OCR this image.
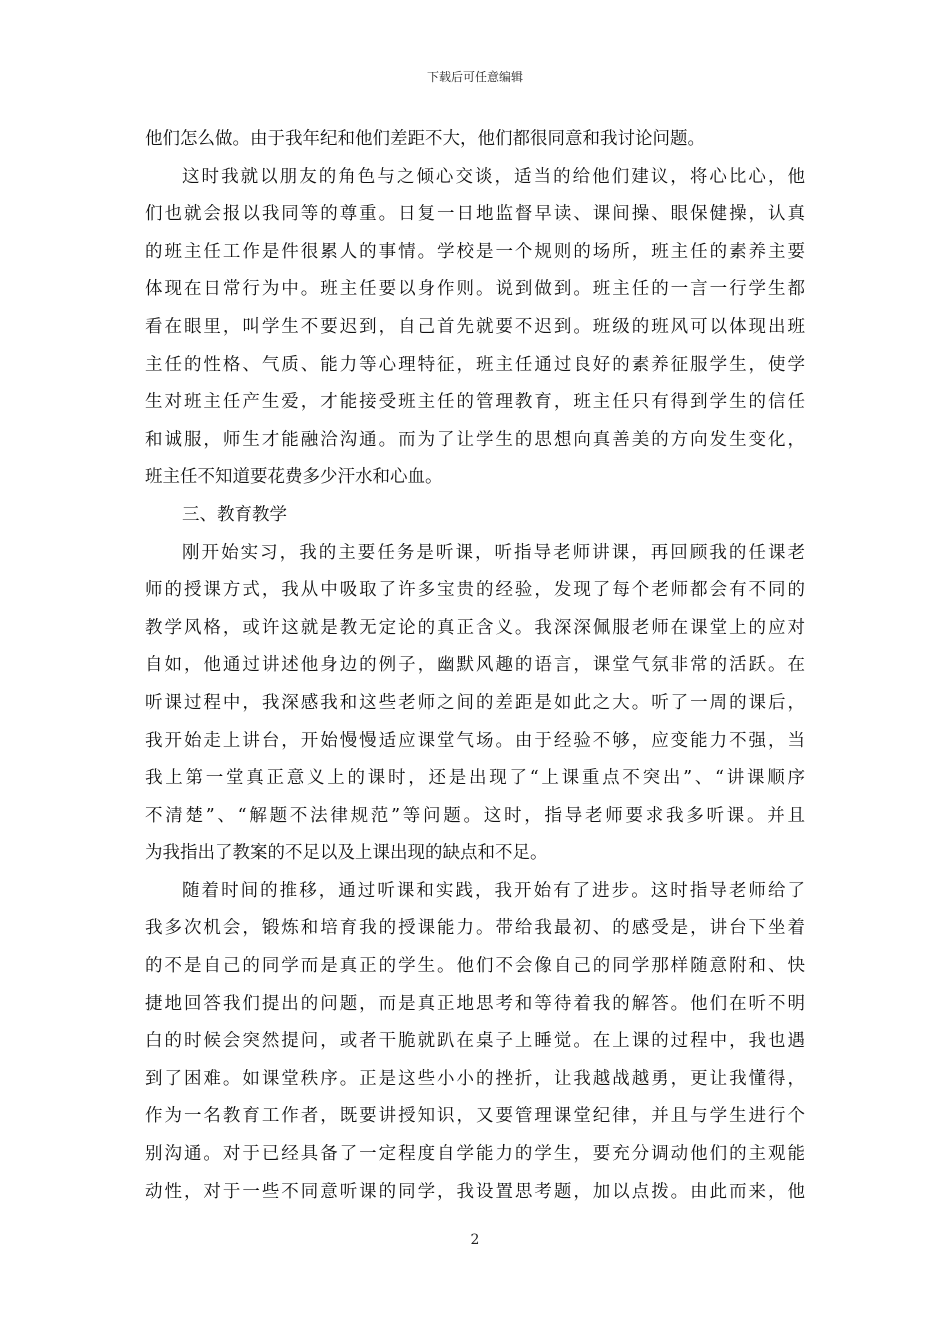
下载后可任意编辑
他们怎么做。由于我年纪和他们差距不大，他们都很同意和我讨论问题。
这时我就以朋友的角色与之倾心交谈，适当的给他们建议，将心比心，他
们也就会报以我同等的尊重。日复一日地监督早读、课间操、眼保健操，认真
的班主任工作是件很累人的事情。学校是一个规则的场所，班主任的素养主要
体现在日常行为中。班主任要以身作则。说到做到。班主任的一言一行学生都
看在眼里，叫学生不要迟到，自己首先就要不迟到。班级的班风可以体现出班
主任的性格、气质、能力等心理特征，班主任通过良好的素养征服学生，使学
生对班主任产生爱，才能接受班主任的管理教育，班主任只有得到学生的信任
和诚服，师生才能融洽沟通。而为了让学生的思想向真善美的方向发生变化，
班主任不知道要花费多少汗水和心血。
三、教育教学
刚开始实习，我的主要任务是听课，听指导老师讲课，再回顾我的任课老
师的授课方式，我从中吸取了许多宝贵的经验，发现了每个老师都会有不同的
教学风格，或许这就是教无定论的真正含义。我深深佩服老师在课堂上的应对
自如，他通过讲述他身边的例子，幽默风趣的语言，课堂气氛非常的活跃。在
听课过程中，我深感我和这些老师之间的差距是如此之大。听了一周的课后，
我开始走上讲台，开始慢慢适应课堂气场。由于经验不够，应变能力不强，当
我上第一堂真正意义上的课时，还是出现了“上课重点不突出”、“讲课顺序
不清楚”、“解题不法律规范”等问题。这时，指导老师要求我多听课。并且
为我指出了教案的不足以及上课出现的缺点和不足。
随着时间的推移，通过听课和实践，我开始有了进步。这时指导老师给了
我多次机会，锻炼和培育我的授课能力。带给我最初、的感受是，讲台下坐着
的不是自己的同学而是真正的学生。他们不会像自己的同学那样随意附和、快
捷地回答我们提出的问题，而是真正地思考和等待着我的解答。他们在听不明
白的时候会突然提问，或者干脆就趴在桌子上睡觉。在上课的过程中，我也遇
到了困难。如课堂秩序。正是这些小小的挫折，让我越战越勇，更让我懂得，
作为一名教育工作者，既要讲授知识，又要管理课堂纪律，并且与学生进行个
别沟通。对于已经具备了一定程度自学能力的学生，要充分调动他们的主观能
动性，对于一些不同意听课的同学，我设置思考题，加以点拨。由此而来，他
2
